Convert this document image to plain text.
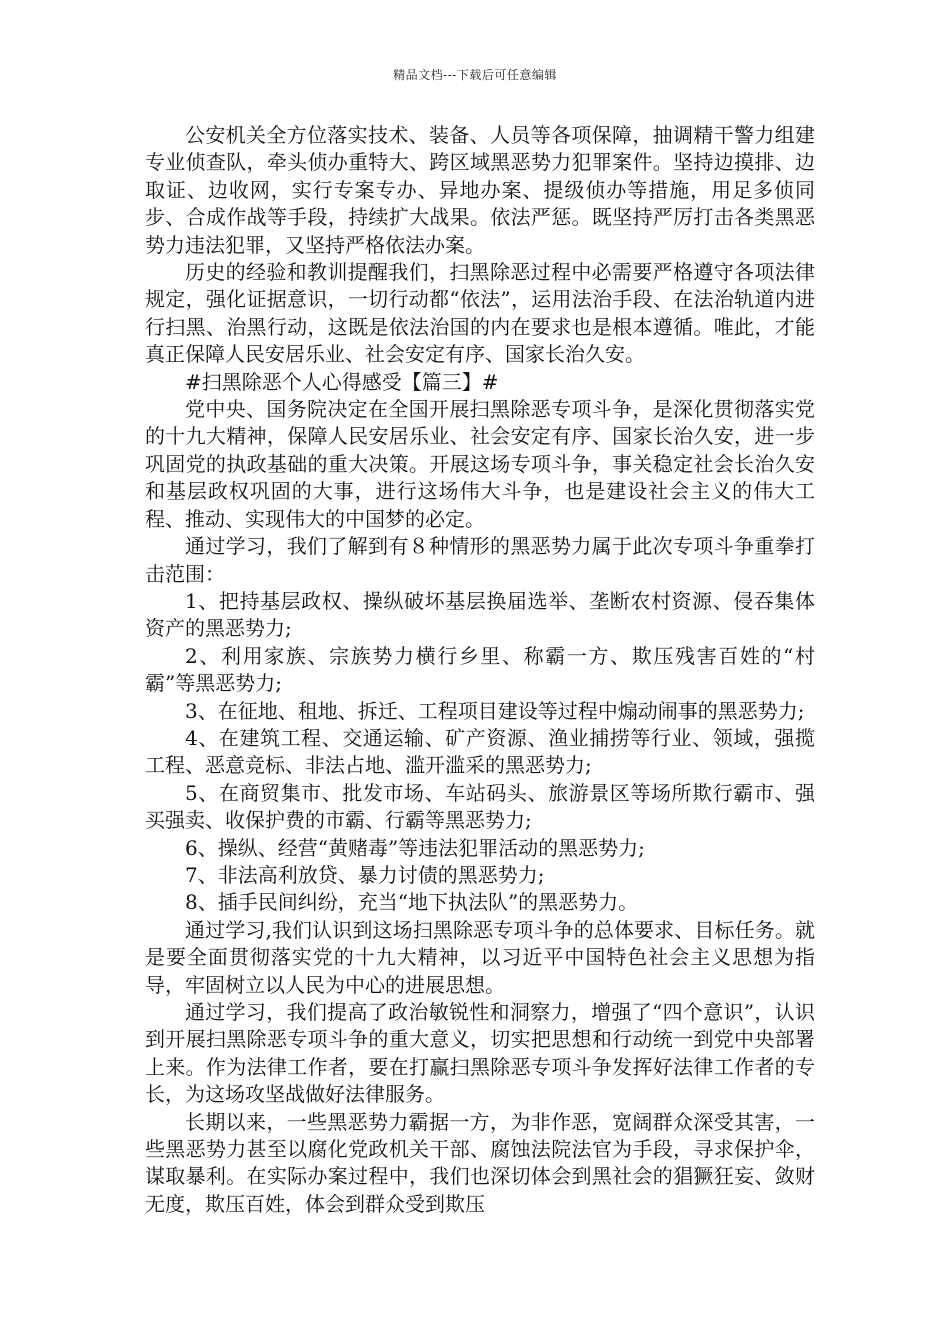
精品文档---下载后可任意编辑

公安机关全方位落实技术、装备、人员等各项保障，抽调精干警力组建专业侦查队，牵头侦办重特大、跨区域黑恶势力犯罪案件。坚持边摸排、边取证、边收网，实行专案专办、异地办案、提级侦办等措施，用足多侦同步、合成作战等手段，持续扩大战果。依法严惩。既坚持严厉打击各类黑恶势力违法犯罪，又坚持严格依法办案。

历史的经验和教训提醒我们，扫黑除恶过程中必需要严格遵守各项法律规定，强化证据意识，一切行动都“依法”，运用法治手段、在法治轨道内进行扫黑、治黑行动，这既是依法治国的内在要求也是根本遵循。唯此，才能真正保障人民安居乐业、社会安定有序、国家长治久安。

#扫黑除恶个人心得感受【篇三】#

党中央、国务院决定在全国开展扫黑除恶专项斗争，是深化贯彻落实党的十九大精神，保障人民安居乐业、社会安定有序、国家长治久安，进一步巩固党的执政基础的重大决策。开展这场专项斗争，事关稳定社会长治久安和基层政权巩固的大事，进行这场伟大斗争，也是建设社会主义的伟大工程、推动、实现伟大的中国梦的必定。

通过学习，我们了解到有８种情形的黑恶势力属于此次专项斗争重拳打击范围：

1、把持基层政权、操纵破坏基层换届选举、垄断农村资源、侵吞集体资产的黑恶势力;

2、利用家族、宗族势力横行乡里、称霸一方、欺压残害百姓的“村霸”等黑恶势力;

3、在征地、租地、拆迁、工程项目建设等过程中煽动闹事的黑恶势力;

4、在建筑工程、交通运输、矿产资源、渔业捕捞等行业、领域，强揽工程、恶意竞标、非法占地、滥开滥采的黑恶势力;

5、在商贸集市、批发市场、车站码头、旅游景区等场所欺行霸市、强买强卖、收保护费的市霸、行霸等黑恶势力;

6、操纵、经营“黄赌毒”等违法犯罪活动的黑恶势力;

7、非法高利放贷、暴力讨债的黑恶势力;

8、插手民间纠纷，充当“地下执法队”的黑恶势力。

通过学习,我们认识到这场扫黑除恶专项斗争的总体要求、目标任务。就是要全面贯彻落实党的十九大精神，以习近平中国特色社会主义思想为指导，牢固树立以人民为中心的进展思想。

通过学习，我们提高了政治敏锐性和洞察力，增强了“四个意识”，认识到开展扫黑除恶专项斗争的重大意义，切实把思想和行动统一到党中央部署上来。作为法律工作者，要在打赢扫黑除恶专项斗争发挥好法律工作者的专长，为这场攻坚战做好法律服务。

长期以来，一些黑恶势力霸据一方，为非作恶，宽阔群众深受其害，一些黑恶势力甚至以腐化党政机关干部、腐蚀法院法官为手段，寻求保护伞，谋取暴利。在实际办案过程中，我们也深切体会到黑社会的猖獗狂妄、敛财无度，欺压百姓，体会到群众受到欺压
